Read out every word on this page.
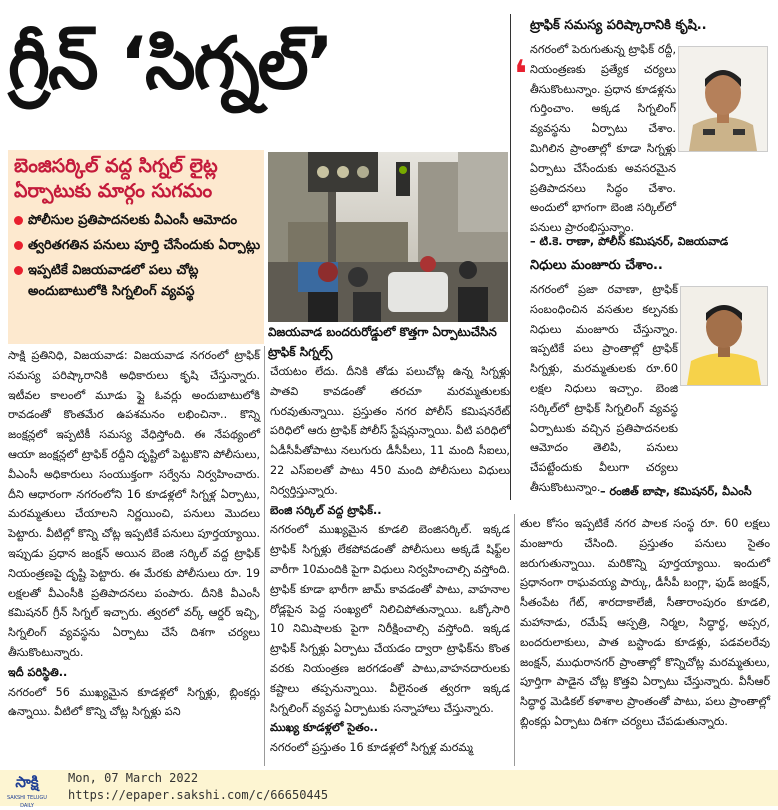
గ్రీన్ ‘సిగ్నల్’
బెంజిసర్కిల్ వద్ద సిగ్నల్ లైట్ల ఏర్పాటుకు మార్గం సుగమం
పోలీసుల ప్రతిపాదనలకు వీఎంసీ ఆమోదం
త్వరితగతిన పనులు పూర్తి చేసేందుకు ఏర్పాట్లు
ఇప్పటికే విజయవాడలో పలు చోట్ల అందుబాటులోకి సిగ్నలింగ్ వ్యవస్థ
విజయవాడ బందరురోడ్డులో కొత్తగా ఏర్పాటుచేసిన ట్రాఫిక్ సిగ్నల్స్

సాక్షి ప్రతినిధి, విజయవాడ: విజయవాడ నగరంలో ట్రాఫిక్ సమస్య పరిష్కారానికి అధికారులు కృషి చేస్తున్నారు. ఇటీవల కాలంలో మూడు ఫ్లై ఓవర్లు అందుబాటులోకి రావడంతో కొంతమేర ఉపశమనం లభించినా.. కొన్ని జంక్షన్లలో ఇప్పటికీ సమస్య వేధిస్తోంది. ఈ నేపథ్యంలో ఆయా జంక్షన్లలో ట్రాఫిక్ రద్దీని దృష్టిలో పెట్టుకొని పోలీసులు, వీఎంసీ అధికారులు సంయుక్తంగా సర్వేను నిర్వహించారు. దీని ఆధారంగా నగరంలోని 16 కూడళ్లలో సిగ్నళ్ల ఏర్పాటు, మరమ్మతులు చేయాలని నిర్ణయించి, పనులు మొదలు పెట్టారు. వీటిల్లో కొన్ని చోట్ల ఇప్పటికే పనులు పూర్తయ్యాయి. ఇప్పుడు ప్రధాన జంక్షన్ అయిన బెంజి సర్కిల్ వద్ద ట్రాఫిక్ నియంత్రణపై దృష్టి పెట్టారు. ఈ మేరకు పోలీసులు రూ. 19 లక్షలతో వీఎంసీకి ప్రతిపాదనలు పంపారు. దీనికి వీఎంసీ కమిషనర్ గ్రీన్ సిగ్నల్ ఇచ్చారు. త్వరలో వర్క్ ఆర్డర్ ఇచ్చి, సిగ్నలింగ్ వ్యవస్థను ఏర్పాటు చేసే దిశగా చర్యలు తీసుకొంటున్నారు.

ఇదీ పరిస్థితి..

నగరంలో 56 ముఖ్యమైన కూడళ్లలో సిగ్నళ్లు, బ్లింకర్లు ఉన్నాయి. వీటిలో కొన్ని చోట్ల సిగ్నళ్లు పని

చేయటం లేదు. దీనికి తోడు పలుచోట్ల ఉన్న సిగ్నళ్లు పాతవి కావడంతో తరచూ మరమ్మతులకు గురవుతున్నాయి. ప్రస్తుతం నగర పోలీస్ కమిషనరేట్ పరిధిలో ఆరు ట్రాఫిక్ పోలీస్ స్టేషన్లున్నాయి. వీటి పరిధిలో ఏడీసీపీతోపాటు నలుగురు డీసీపీలు, 11 మంది సీఐలు, 22 ఎస్ఐలతో పాటు 450 మంది పోలీసులు విధులు నిర్వర్తిస్తున్నారు.

బెంజి సర్కిల్ వద్ద ట్రాఫిక్..

నగరంలో ముఖ్యమైన కూడలి బెంజిసర్కిల్. ఇక్కడ ట్రాఫిక్ సిగ్నళ్లు లేకపోవడంతో పోలీసులు అక్కడే షిఫ్ట్‌ల వారీగా 10మందికి పైగా విధులు నిర్వహించాల్సి వస్తోంది. ట్రాఫిక్ కూడా భారీగా జామ్ కావడంతో పాటు, వాహనాల రోడ్లపైన పెద్ద సంఖ్యలో నిలిచిపోతున్నాయి. ఒక్కోసారి 10 నిమిషాలకు పైగా నిరీక్షించాల్సి వస్తోంది. ఇక్కడ ట్రాఫిక్ సిగ్నళ్లు ఏర్పాటు చేయడం ద్వారా ట్రాఫిక్‌ను కొంత వరకు నియంత్రణ జరగడంతో పాటు,వాహనదారులకు కష్టాలు తప్పనున్నాయి. వీలైనంత త్వరగా ఇక్కడ సిగ్నలింగ్ వ్యవస్థ ఏర్పాటుకు సన్నాహాలు చేస్తున్నారు.

ముఖ్య కూడళ్లలో సైతం..

నగరంలో ప్రస్తుతం 16 కూడళ్లలో సిగ్నళ్ల మరమ్మ

తుల కోసం ఇప్పటికే నగర పాలక సంస్థ రూ. 60 లక్షలు మంజూరు చేసింది. ప్రస్తుతం పనులు సైతం జరుగుతున్నాయి. మరికొన్ని పూర్తయ్యాయి. ఇందులో ప్రధానంగా రాఘవయ్య పార్కు, డీసీపీ బంగ్లా, ఫుడ్ జంక్షన్, సీతంపేట గేట్, శారదాకాలేజీ, సీతారాంపురం కూడలి, మహానాడు, రమేష్ ఆస్పత్రి, నిర్మల, సిద్ధార్థ, అప్సర, బందరులాకులు, పాత బస్టాండు కూడళ్లు, పడవలరేవు జంక్షన్, ముధురానగర్ ప్రాంతాల్లో కొన్నిచోట్ల మరమ్మతులు, పూర్తిగా పాడైన చోట్ల కొత్తవి ఏర్పాటు చేస్తున్నారు. వీసీఆర్ సిద్ధార్థ మెడికల్ కళాశాల ప్రాంతంతో పాటు, పలు ప్రాంతాల్లో బ్లింకర్లు ఏర్పాటు దిశగా చర్యలు చేపడుతున్నారు.

ట్రాఫిక్ సమస్య పరిష్కారానికి కృషి..
❛

నగరంలో పెరుగుతున్న ట్రాఫిక్ రద్దీ, నియంత్రణకు ప్రత్యేక చర్యలు తీసుకొంటున్నాం. ప్రధాన కూడళ్లను గుర్తించాం. అక్కడ సిగ్నలింగ్ వ్యవస్థను ఏర్పాటు చేశాం. మిగిలిన ప్రాంతాల్లో కూడా సిగ్నళ్లు ఏర్పాటు చేసేందుకు అవసరమైన ప్రతిపాదనలు సిద్ధం చేశాం. అందులో భాగంగా బెంజి సర్కిల్‌లో పనులు ప్రారంభిస్తున్నాం.

– టి.కె. రాణా, పోలీస్ కమిషనర్, విజయవాడ
నిధులు మంజూరు చేశాం..

నగరంలో ప్రజా రవాణా, ట్రాఫిక్ సంబంధించిన వసతుల కల్పనకు నిధులు మంజూరు చేస్తున్నాం. ఇప్పటికే పలు ప్రాంతాల్లో ట్రాఫిక్ సిగ్నళ్లు, మరమ్మతులకు రూ.60 లక్షల నిధులు ఇచ్చాం. బెంజి సర్కిల్‌లో ట్రాఫిక్ సిగ్నలింగ్ వ్యవస్థ ఏర్పాటుకు వచ్చిన ప్రతిపాదనలకు ఆమోదం తెలిపి, పనులు చేపట్టేందుకు వీలుగా చర్యలు తీసుకొంటున్నాం. – రంజిత్ బాషా, కమిషనర్, వీఎంసీ
సాక్షి
SAKSHI TELUGU DAILY
Mon, 07 March 2022
https://epaper.sakshi.com/c/66650445
